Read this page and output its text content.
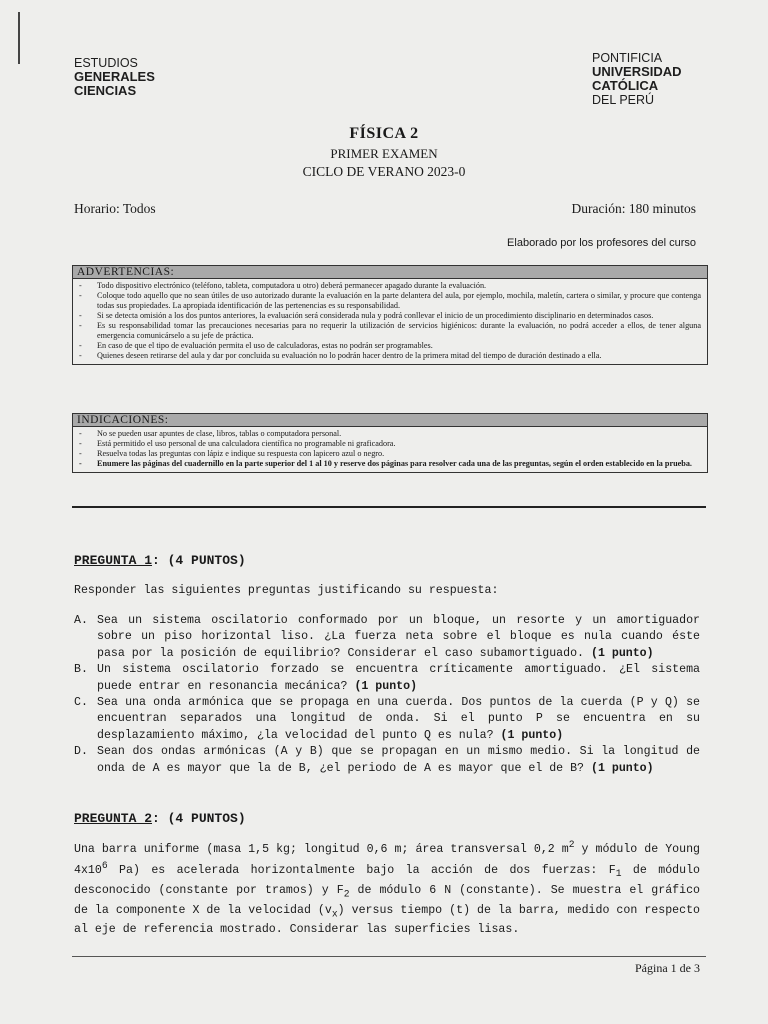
ESTUDIOS
GENERALES
CIENCIAS
PONTIFICIA
UNIVERSIDAD
CATÓLICA
DEL PERÚ
FÍSICA 2
PRIMER EXAMEN
CICLO DE VERANO 2023-0
Horario: Todos	Duración: 180 minutos
Elaborado por los profesores del curso
ADVERTENCIAS:
- Todo dispositivo electrónico (teléfono, tableta, computadora u otro) deberá permanecer apagado durante la evaluación.
- Coloque todo aquello que no sean útiles de uso autorizado durante la evaluación en la parte delantera del aula, por ejemplo, mochila, maletín, cartera o similar, y procure que contenga todas sus propiedades. La apropiada identificación de las pertenencias es su responsabilidad.
- Si se detecta omisión a los dos puntos anteriores, la evaluación será considerada nula y podrá conllevar el inicio de un procedimiento disciplinario en determinados casos.
- Es su responsabilidad tomar las precauciones necesarias para no requerir la utilización de servicios higiénicos: durante la evaluación, no podrá acceder a ellos, de tener alguna emergencia comunicárselo a su jefe de práctica.
- En caso de que el tipo de evaluación permita el uso de calculadoras, estas no podrán ser programables.
- Quienes deseen retirarse del aula y dar por concluida su evaluación no lo podrán hacer dentro de la primera mitad del tiempo de duración destinado a ella.
INDICACIONES:
- No se pueden usar apuntes de clase, libros, tablas o computadora personal.
- Está permitido el uso personal de una calculadora científica no programable ni graficadora.
- Resuelva todas las preguntas con lápiz e indique su respuesta con lapicero azul o negro.
- Enumere las páginas del cuadernillo en la parte superior del 1 al 10 y reserve dos páginas para resolver cada una de las preguntas, según el orden establecido en la prueba.
PREGUNTA 1: (4 PUNTOS)
Responder las siguientes preguntas justificando su respuesta:
A. Sea un sistema oscilatorio conformado por un bloque, un resorte y un amortiguador sobre un piso horizontal liso. ¿La fuerza neta sobre el bloque es nula cuando éste pasa por la posición de equilibrio? Considerar el caso subamortiguado. (1 punto)
B. Un sistema oscilatorio forzado se encuentra críticamente amortiguado. ¿El sistema puede entrar en resonancia mecánica? (1 punto)
C. Sea una onda armónica que se propaga en una cuerda. Dos puntos de la cuerda (P y Q) se encuentran separados una longitud de onda. Si el punto P se encuentra en su desplazamiento máximo, ¿la velocidad del punto Q es nula? (1 punto)
D. Sean dos ondas armónicas (A y B) que se propagan en un mismo medio. Si la longitud de onda de A es mayor que la de B, ¿el periodo de A es mayor que el de B? (1 punto)
PREGUNTA 2: (4 PUNTOS)
Una barra uniforme (masa 1,5 kg; longitud 0,6 m; área transversal 0,2 $m^2$ y módulo de Young $4x10^6$ Pa) es acelerada horizontalmente bajo la acción de dos fuerzas: $F_1$ de módulo desconocido (constante por tramos) y $F_2$ de módulo 6 N (constante). Se muestra el gráfico de la componente X de la velocidad $(v_x)$ versus tiempo (t) de la barra, medido con respecto al eje de referencia mostrado. Considerar las superficies lisas.
Página 1 de 3
